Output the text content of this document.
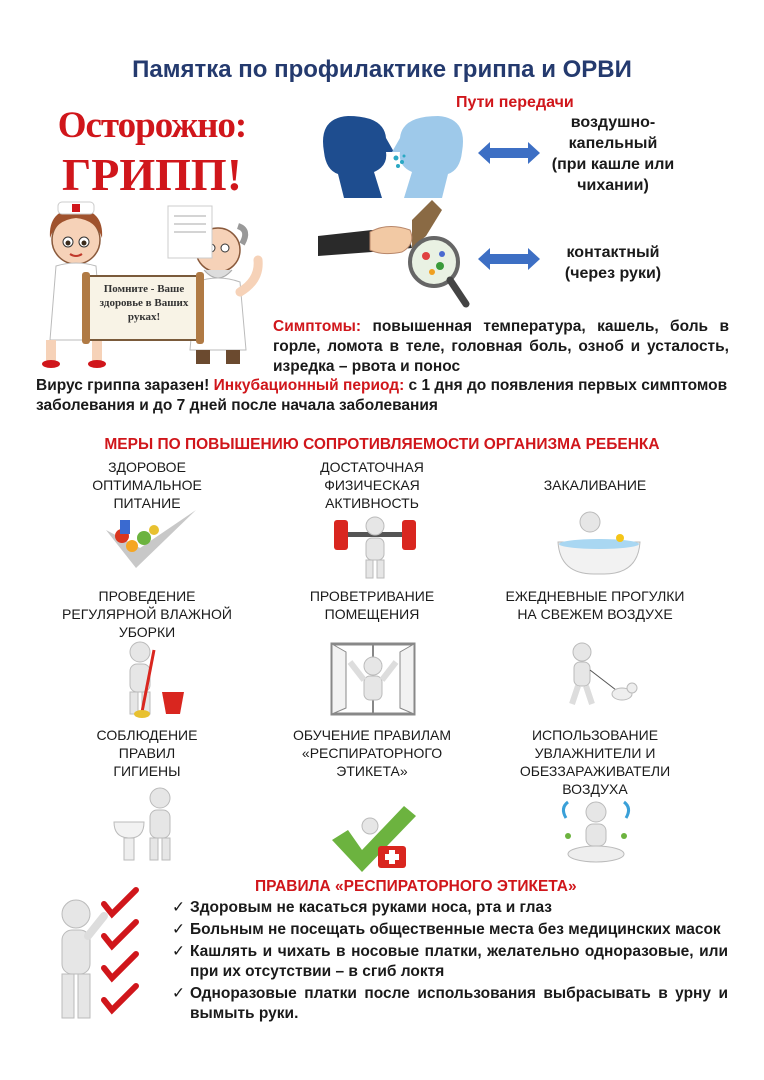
Памятка по профилактике гриппа и ОРВИ
Осторожно:
ГРИПП!
Помните - Ваше здоровье в Ваших руках!
Пути передачи
воздушно-
капельный
(при кашле или
чихании)
контактный
(через руки)
Симптомы: повышенная температура, кашель, боль в горле, ломота в теле, головная боль, озноб и усталость, изредка – рвота и понос
Вирус гриппа заразен! Инкубационный период: с 1 дня до появления первых симптомов заболевания и до 7 дней после начала заболевания
МЕРЫ ПО ПОВЫШЕНИЮ СОПРОТИВЛЯЕМОСТИ ОРГАНИЗМА РЕБЕНКА
ЗДОРОВОЕ
ОПТИМАЛЬНОЕ
ПИТАНИЕ
ДОСТАТОЧНАЯ
ФИЗИЧЕСКАЯ
АКТИВНОСТЬ
ЗАКАЛИВАНИЕ
ПРОВЕДЕНИЕ
РЕГУЛЯРНОЙ ВЛАЖНОЙ
УБОРКИ
ПРОВЕТРИВАНИЕ
ПОМЕЩЕНИЯ
ЕЖЕДНЕВНЫЕ ПРОГУЛКИ
НА СВЕЖЕМ ВОЗДУХЕ
СОБЛЮДЕНИЕ
ПРАВИЛ
ГИГИЕНЫ
ОБУЧЕНИЕ ПРАВИЛАМ
«РЕСПИРАТОРНОГО
ЭТИКЕТА»
ИСПОЛЬЗОВАНИЕ
УВЛАЖНИТЕЛИ И
ОБЕЗЗАРАЖИВАТЕЛИ
ВОЗДУХА
ПРАВИЛА «РЕСПИРАТОРНОГО ЭТИКЕТА»
✓ Здоровым не касаться руками носа, рта и глаз
✓ Больным не посещать общественные места без медицинских масок
✓ Кашлять и чихать в носовые платки, желательно одноразовые, или при их отсутствии – в сгиб локтя
✓ Одноразовые платки после использования выбрасывать в урну и вымыть руки.
